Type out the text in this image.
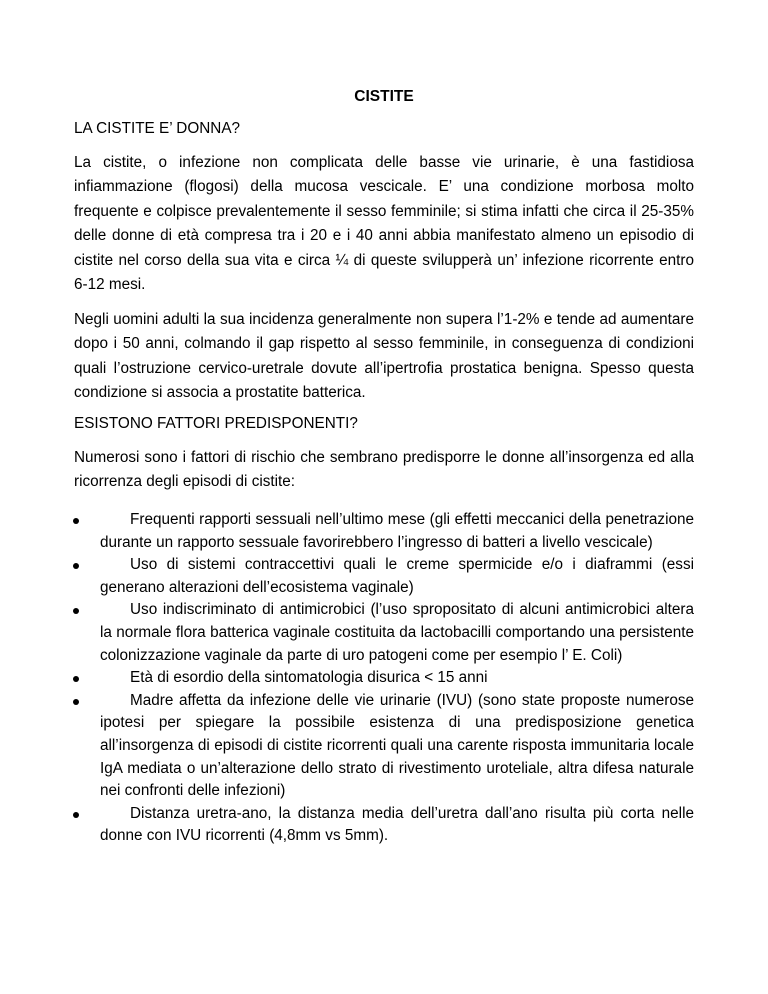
CISTITE
LA CISTITE E’ DONNA?

La cistite, o infezione non complicata delle basse vie urinarie, è una fastidiosa infiammazione (flogosi) della mucosa vescicale. E’ una condizione morbosa molto frequente e colpisce prevalentemente il sesso femminile; si stima infatti che circa il 25-35% delle donne di età compresa tra i 20 e i 40 anni abbia manifestato almeno un episodio di cistite nel corso della sua vita e circa ¼ di queste svilupperà un’ infezione ricorrente entro 6-12 mesi.

Negli uomini adulti la sua incidenza generalmente non supera l’1-2% e tende ad aumentare dopo i 50 anni, colmando il gap rispetto al sesso femminile, in conseguenza di condizioni quali l’ostruzione cervico-uretrale dovute all’ipertrofia prostatica benigna. Spesso questa condizione si associa a prostatite batterica.

ESISTONO FATTORI PREDISPONENTI?

Numerosi sono i fattori di rischio che sembrano predisporre le donne all’insorgenza ed alla ricorrenza degli episodi di cistite:

Frequenti rapporti sessuali nell’ultimo mese (gli effetti meccanici della penetrazione durante un rapporto sessuale favorirebbero l’ingresso di batteri a livello vescicale)
Uso di sistemi contraccettivi quali le creme spermicide e/o i diaframmi (essi generano alterazioni dell’ecosistema vaginale)
Uso indiscriminato di antimicrobici (l’uso spropositato di alcuni antimicrobici altera la normale flora batterica vaginale costituita da lactobacilli comportando una persistente colonizzazione vaginale da parte di uro patogeni come per esempio l’ E. Coli)
Età di esordio della sintomatologia disurica < 15 anni
Madre affetta da infezione delle vie urinarie (IVU) (sono state proposte numerose ipotesi per spiegare la possibile esistenza di una predisposizione genetica all’insorgenza di episodi di cistite ricorrenti quali una carente risposta immunitaria locale IgA mediata o un’alterazione dello strato di rivestimento uroteliale, altra difesa naturale nei confronti delle infezioni)
Distanza uretra-ano, la distanza media dell’uretra dall’ano risulta più corta nelle donne con IVU ricorrenti (4,8mm vs 5mm).
